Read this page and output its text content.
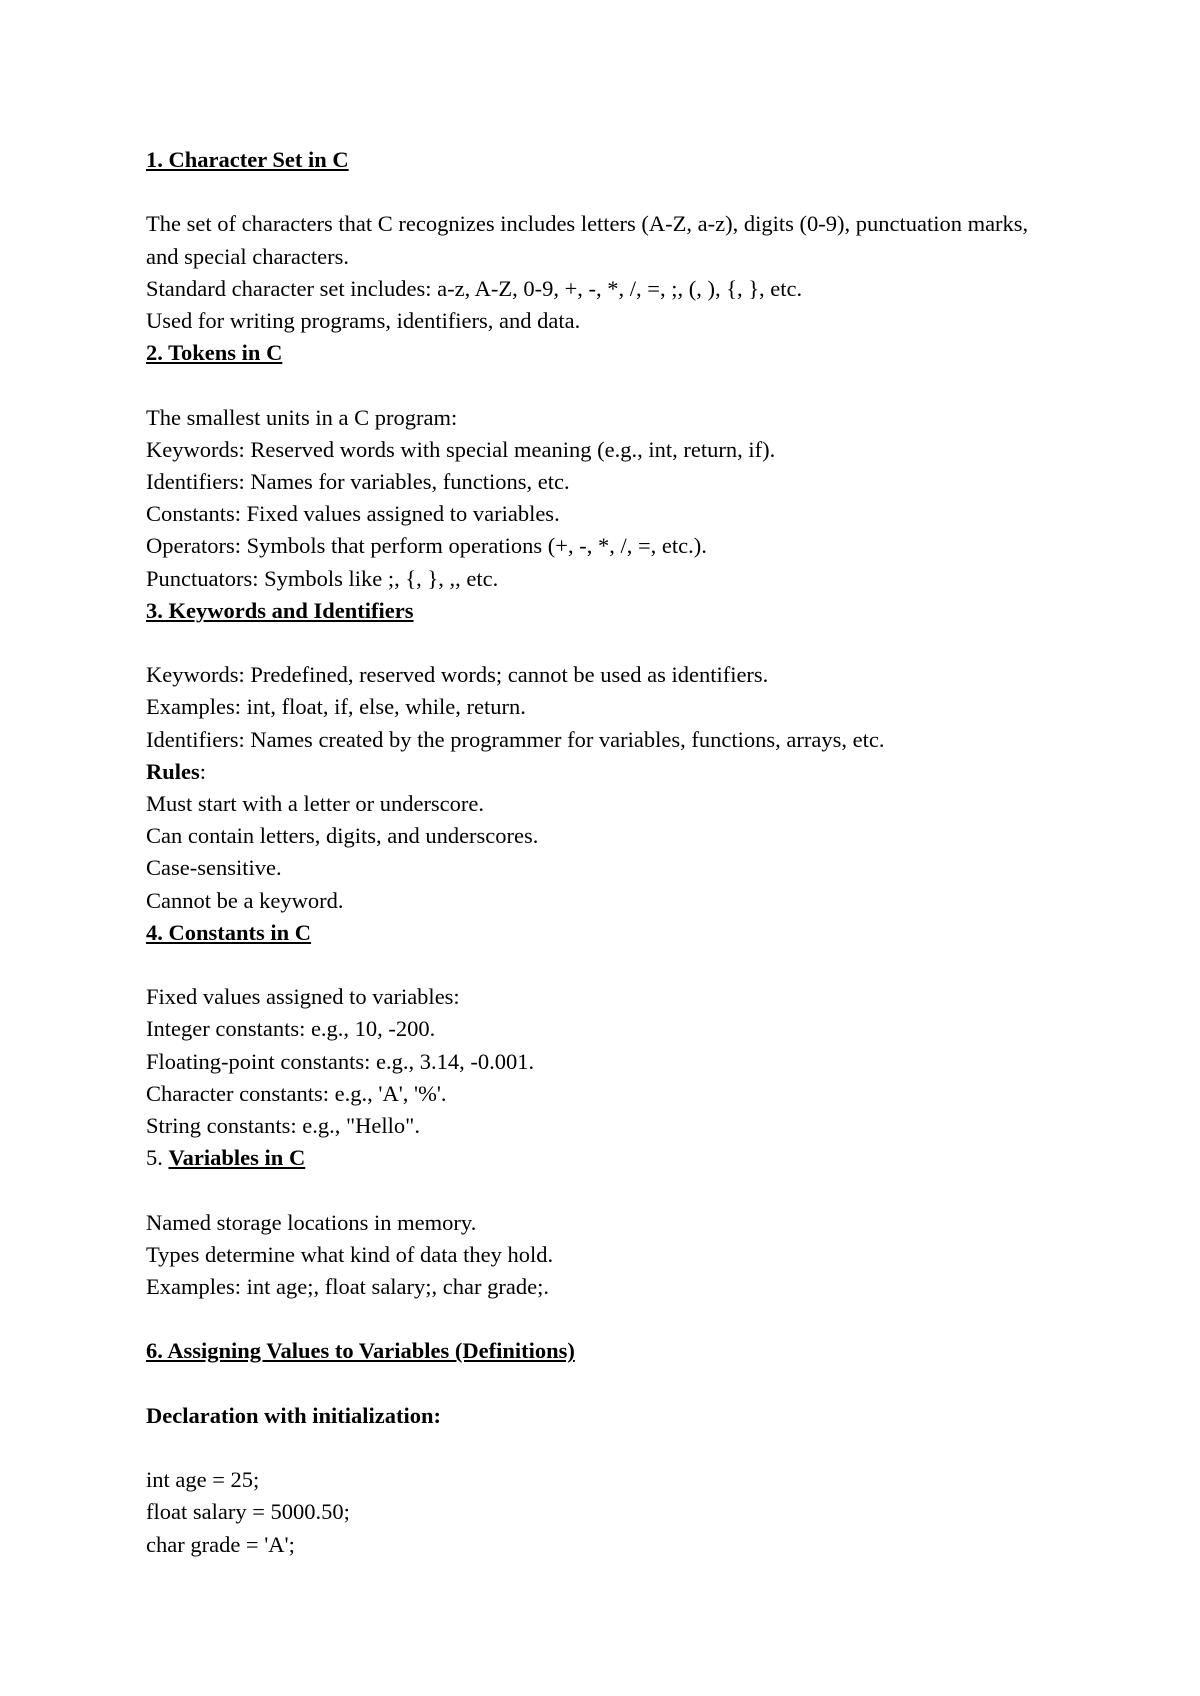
1. Character Set in C
The set of characters that C recognizes includes letters (A-Z, a-z), digits (0-9), punctuation marks, and special characters.
Standard character set includes: a-z, A-Z, 0-9, +, -, *, /, =, ;, (, ), {, }, etc.
Used for writing programs, identifiers, and data.
2. Tokens in C
The smallest units in a C program:
Keywords: Reserved words with special meaning (e.g., int, return, if).
Identifiers: Names for variables, functions, etc.
Constants: Fixed values assigned to variables.
Operators: Symbols that perform operations (+, -, *, /, =, etc.).
Punctuators: Symbols like ;, {, }, ,, etc.
3. Keywords and Identifiers
Keywords: Predefined, reserved words; cannot be used as identifiers.
Examples: int, float, if, else, while, return.
Identifiers: Names created by the programmer for variables, functions, arrays, etc.
Rules:
Must start with a letter or underscore.
Can contain letters, digits, and underscores.
Case-sensitive.
Cannot be a keyword.
4. Constants in C
Fixed values assigned to variables:
Integer constants: e.g., 10, -200.
Floating-point constants: e.g., 3.14, -0.001.
Character constants: e.g., 'A', '%'.
String constants: e.g., "Hello".
5. Variables in C
Named storage locations in memory.
Types determine what kind of data they hold.
Examples: int age;, float salary;, char grade;.
6. Assigning Values to Variables (Definitions)
Declaration with initialization:
int age = 25;
float salary = 5000.50;
char grade = 'A';
